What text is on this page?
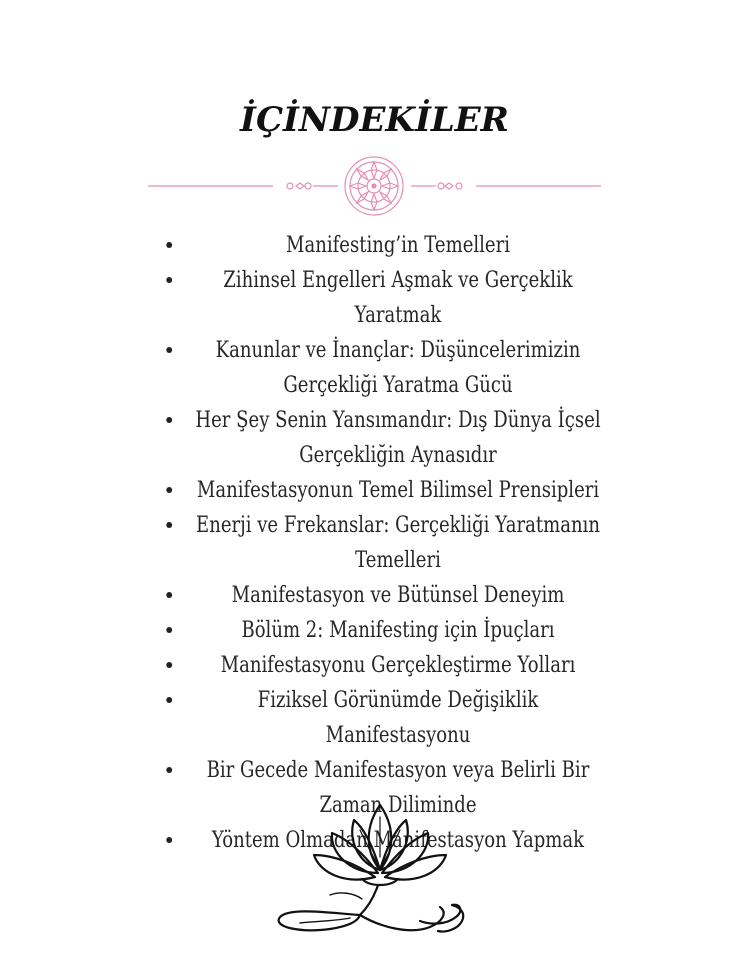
İÇİNDEKİLER
Manifesting’in Temelleri
Zihinsel Engelleri Aşmak ve Gerçeklik Yaratmak
Kanunlar ve İnançlar: Düşüncelerimizin Gerçekliği Yaratma Gücü
Her Şey Senin Yansımandır: Dış Dünya İçsel Gerçekliğin Aynasıdır
Manifestasyonun Temel Bilimsel Prensipleri
Enerji ve Frekanslar: Gerçekliği Yaratmanın Temelleri
Manifestasyon ve Bütünsel Deneyim
Bölüm 2: Manifesting için İpuçları
Manifestasyonu Gerçekleştirme Yolları
Fiziksel Görünümde Değişiklik Manifestasyonu
Bir Gecede Manifestasyon veya Belirli Bir Zaman Diliminde
Yöntem Olmadan Manifestasyon Yapmak
